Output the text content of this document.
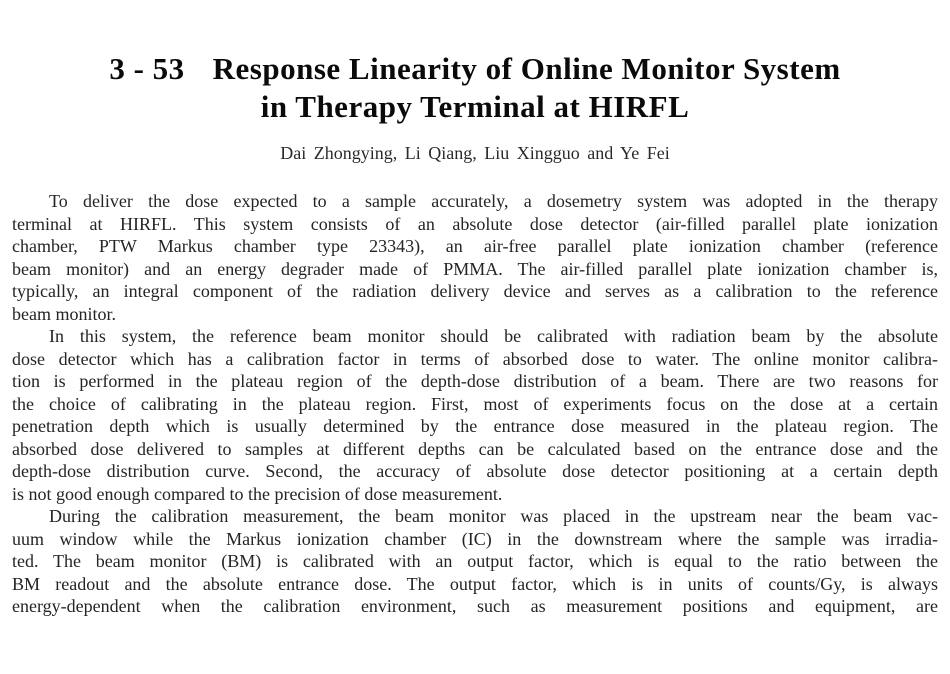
3 - 53 Response Linearity of Online Monitor System
in Therapy Terminal at HIRFL
Dai Zhongying, Li Qiang, Liu Xingguo and Ye Fei
To deliver the dose expected to a sample accurately, a dosemetry system was adopted in the therapy
terminal at HIRFL. This system consists of an absolute dose detector (air-filled parallel plate ionization
chamber, PTW Markus chamber type 23343), an air-free parallel plate ionization chamber (reference
beam monitor) and an energy degrader made of PMMA. The air-filled parallel plate ionization chamber is,
typically, an integral component of the radiation delivery device and serves as a calibration to the reference
beam monitor.
In this system, the reference beam monitor should be calibrated with radiation beam by the absolute
dose detector which has a calibration factor in terms of absorbed dose to water. The online monitor calibra-
tion is performed in the plateau region of the depth-dose distribution of a beam. There are two reasons for
the choice of calibrating in the plateau region. First, most of experiments focus on the dose at a certain
penetration depth which is usually determined by the entrance dose measured in the plateau region. The
absorbed dose delivered to samples at different depths can be calculated based on the entrance dose and the
depth-dose distribution curve. Second, the accuracy of absolute dose detector positioning at a certain depth
is not good enough compared to the precision of dose measurement.
During the calibration measurement, the beam monitor was placed in the upstream near the beam vac-
uum window while the Markus ionization chamber (IC) in the downstream where the sample was irradia-
ted. The beam monitor (BM) is calibrated with an output factor, which is equal to the ratio between the
BM readout and the absolute entrance dose. The output factor, which is in units of counts/Gy, is always
energy-dependent when the calibration environment, such as measurement positions and equipment, are
